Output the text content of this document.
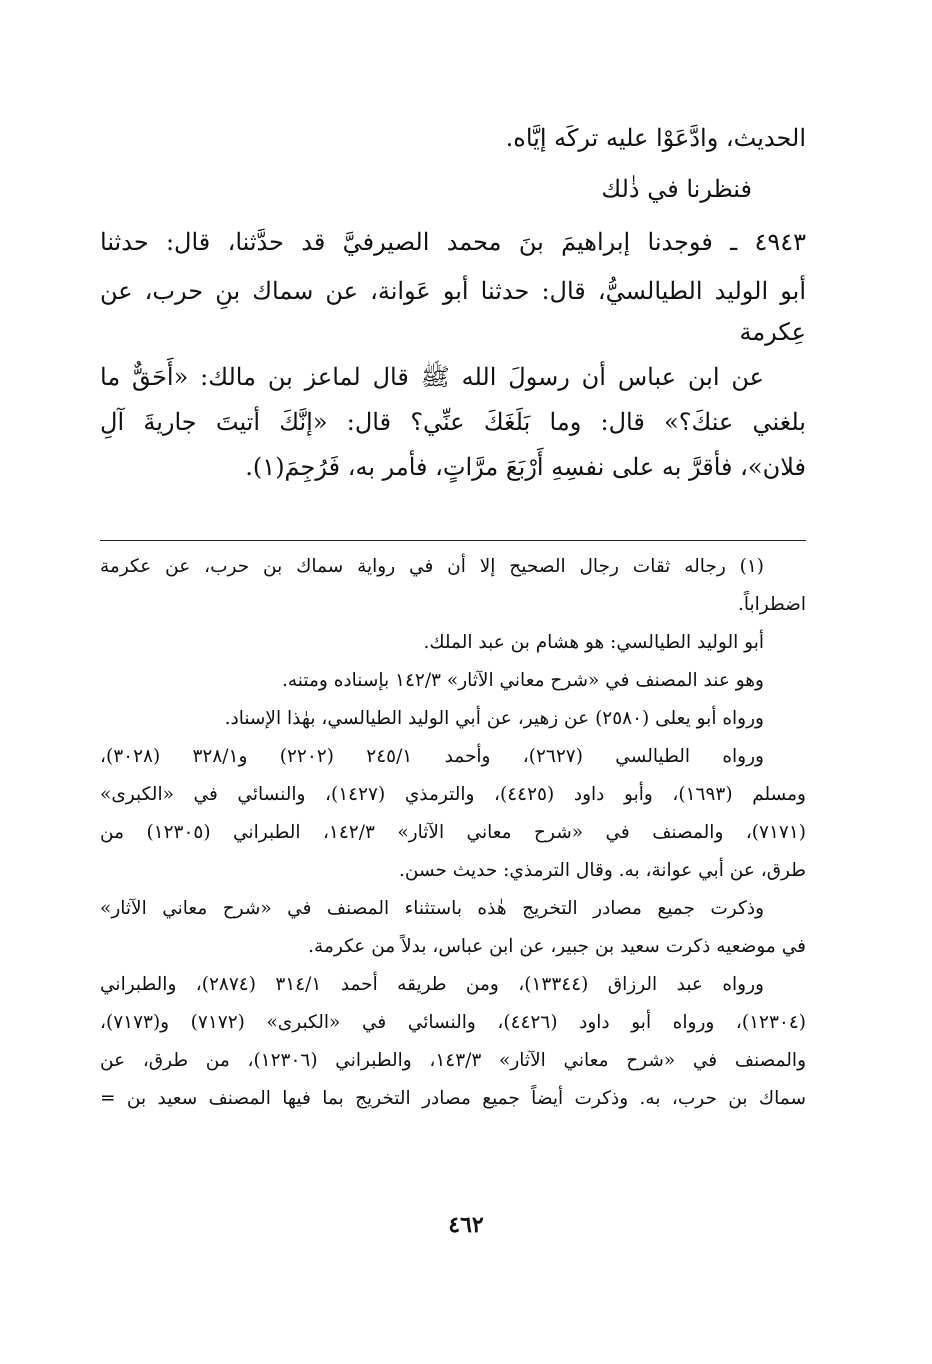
الحديث، وادَّعَوْا عليه تركَه إيَّاه.

فنظرنا في ذٰلك

٤٩٤٣ ـ فوجدنا إبراهيمَ بنَ محمد الصيرفيَّ قد حدَّثنا، قال: حدثنا

أبو الوليد الطيالسيُّ، قال: حدثنا أبو عَوانة، عن سماك بنِ حرب، عن

عِكرمة

عن ابن عباس أن رسولَ الله ﷺ قال لماعز بن مالك: «أَحَقٌّ ما

بلغني عنكَ؟» قال: وما بَلَغَكَ عنِّي؟ قال: «إنَّكَ أتيتَ جاريةَ آلِ

فلان»، فأقرَّ به على نفسِهِ أَرْبَعَ مرَّاتٍ، فأمر به، فَرُجِمَ(١).

(١) رجاله ثقات رجال الصحيح إلا أن في رواية سماك بن حرب، عن عكرمة
اضطراباً.
أبو الوليد الطيالسي: هو هشام بن عبد الملك.
وهو عند المصنف في «شرح معاني الآثار» ١٤٢/٣ بإسناده ومتنه.
ورواه أبو يعلى (٢٥٨٠) عن زهير، عن أبي الوليد الطيالسي، بهٰذا الإسناد.
ورواه الطيالسي (٢٦٢٧)، وأحمد ٢٤٥/١ (٢٢٠٢) و٣٢٨/١ (٣٠٢٨)،
ومسلم (١٦٩٣)، وأبو داود (٤٤٢٥)، والترمذي (١٤٢٧)، والنسائي في «الكبرى»
(٧١٧١)، والمصنف في «شرح معاني الآثار» ١٤٢/٣، الطبراني (١٢٣٠٥) من
طرق، عن أبي عوانة، به. وقال الترمذي: حديث حسن.
وذكرت جميع مصادر التخريج هٰذه باستثناء المصنف في «شرح معاني الآثار»
في موضعيه ذكرت سعيد بن جبير، عن ابن عباس، بدلاً من عكرمة.
ورواه عبد الرزاق (١٣٣٤٤)، ومن طريقه أحمد ٣١٤/١ (٢٨٧٤)، والطبراني
(١٢٣٠٤)، ورواه أبو داود (٤٤٢٦)، والنسائي في «الكبرى» (٧١٧٢) و(٧١٧٣)،
والمصنف في «شرح معاني الآثار» ١٤٣/٣، والطبراني (١٢٣٠٦)، من طرق، عن
سماك بن حرب، به. وذكرت أيضاً جميع مصادر التخريج بما فيها المصنف سعيد بن =
٤٦٢
